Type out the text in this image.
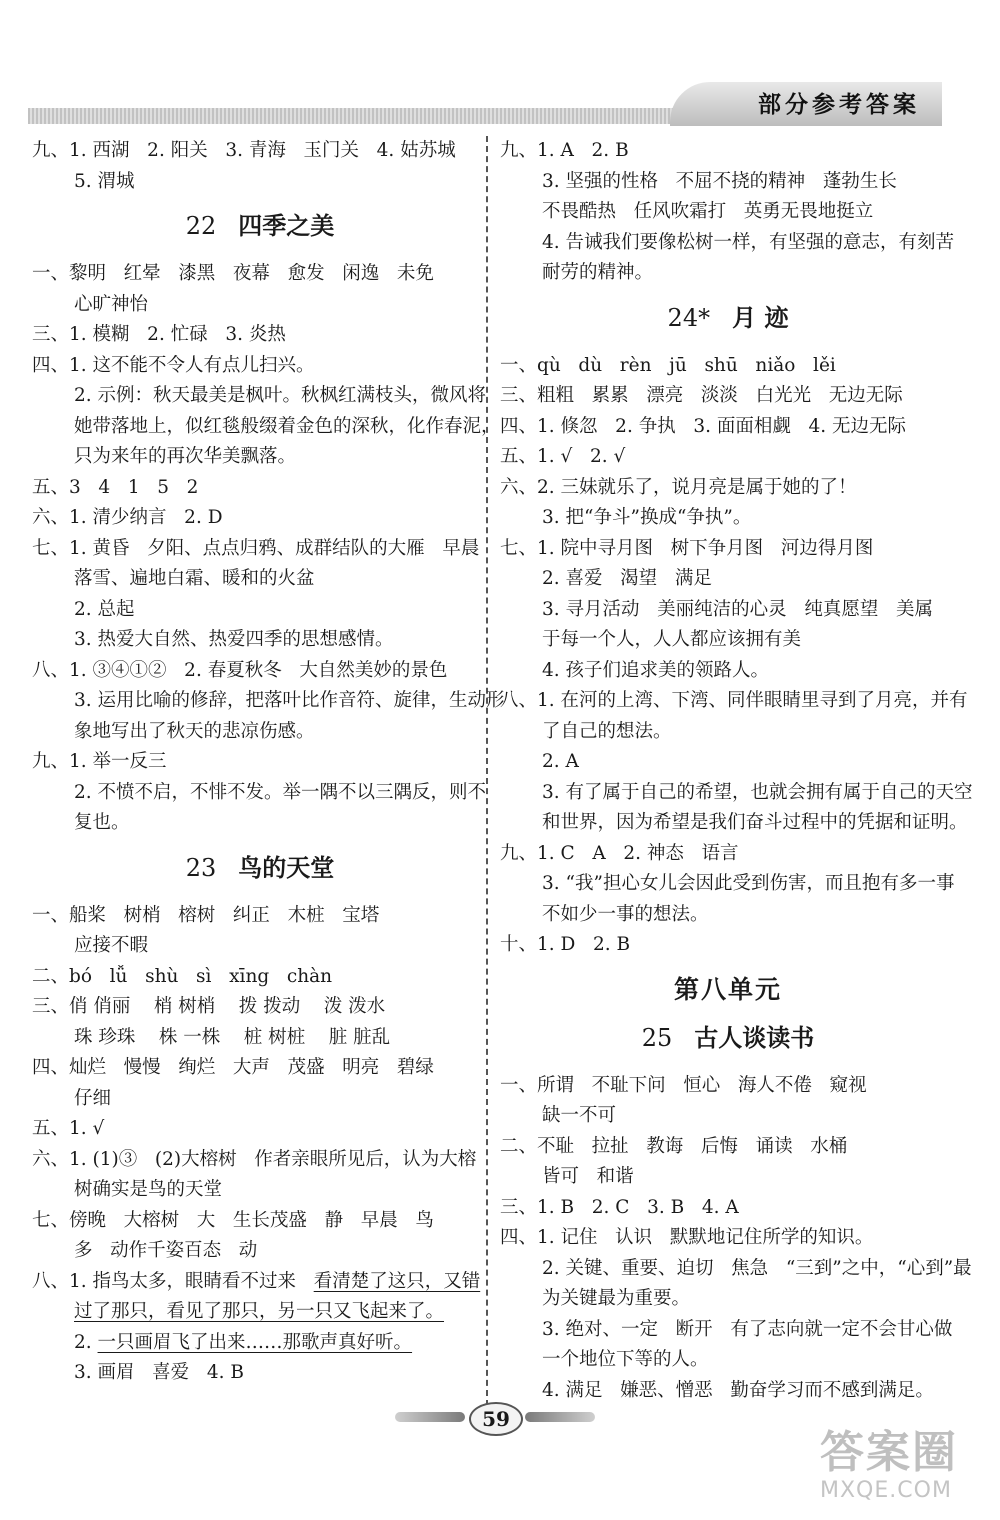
部分参考答案
九、1. 西湖   2. 阳关   3. 青海   玉门关   4. 姑苏城
5. 渭城
22 四季之美
一、黎明   红晕   漆黑   夜幕   愈发   闲逸   未免
心旷神怡
三、1. 模糊   2. 忙碌   3. 炎热
四、1. 这不能不令人有点儿扫兴。
2. 示例：秋天最美是枫叶。秋枫红满枝头，微风将
她带落地上，似红毯般缀着金色的深秋，化作春泥，
只为来年的再次华美飘落。
五、3   4   1   5   2
六、1. 清少纳言   2. D
七、1. 黄昏   夕阳、点点归鸦、成群结队的大雁   早晨
落雪、遍地白霜、暖和的火盆
2. 总起
3. 热爱大自然、热爱四季的思想感情。
八、1. ③④①②   2. 春夏秋冬   大自然美妙的景色
3. 运用比喻的修辞，把落叶比作音符、旋律，生动形
象地写出了秋天的悲凉伤感。
九、1. 举一反三
2. 不愤不启，不悱不发。举一隅不以三隅反，则不
复也。
23 鸟的天堂
一、船桨   树梢   榕树   纠正   木桩   宝塔
应接不暇
二、bó   lǚ   shù   sì   xīng   chàn
三、俏 俏丽    梢 树梢    拨 拨动    泼 泼水
珠 珍珠    株 一株    桩 树桩    脏 脏乱
四、灿烂   慢慢   绚烂   大声   茂盛   明亮   碧绿
仔细
五、1. √
六、1. (1)③   (2)大榕树   作者亲眼所见后，认为大榕
树确实是鸟的天堂
七、傍晚   大榕树   大   生长茂盛   静   早晨   鸟
多   动作千姿百态   动
八、1. 指鸟太多，眼睛看不过来   看清楚了这只，又错
过了那只，看见了那只，另一只又飞起来了。
2. 一只画眉飞了出来……那歌声真好听。
3. 画眉   喜爱   4. B
九、1. A   2. B
3. 坚强的性格   不屈不挠的精神   蓬勃生长
不畏酷热   任风吹霜打   英勇无畏地挺立
4. 告诫我们要像松树一样，有坚强的意志，有刻苦
耐劳的精神。
24* 月 迹
一、qù   dù   rèn   jū   shū   niǎo   lěi
三、粗粗   累累   漂亮   淡淡   白光光   无边无际
四、1. 倏忽   2. 争执   3. 面面相觑   4. 无边无际
五、1. √   2. √
六、2. 三妹就乐了，说月亮是属于她的了！
3. 把“争斗”换成“争执”。
七、1. 院中寻月图   树下争月图   河边得月图
2. 喜爱   渴望   满足
3. 寻月活动   美丽纯洁的心灵   纯真愿望   美属
于每一个人，人人都应该拥有美
4. 孩子们追求美的领路人。
八、1. 在河的上湾、下湾、同伴眼睛里寻到了月亮，并有
了自己的想法。
2. A
3. 有了属于自己的希望，也就会拥有属于自己的天空
和世界，因为希望是我们奋斗过程中的凭据和证明。
九、1. C   A   2. 神态   语言
3. “我”担心女儿会因此受到伤害，而且抱有多一事
不如少一事的想法。
十、1. D   2. B
第八单元
25 古人谈读书
一、所谓   不耻下问   恒心   海人不倦   窥视
缺一不可
二、不耻   拉扯   教诲   后悔   诵读   水桶
皆可   和谐
三、1. B   2. C   3. B   4. A
四、1. 记住   认识   默默地记住所学的知识。
2. 关键、重要、迫切   焦急   “三到”之中，“心到”最
为关键最为重要。
3. 绝对、一定   断开   有了志向就一定不会甘心做
一个地位下等的人。
4. 满足   嫌恶、憎恶   勤奋学习而不感到满足。
59
答案圈
MXQE.COM
